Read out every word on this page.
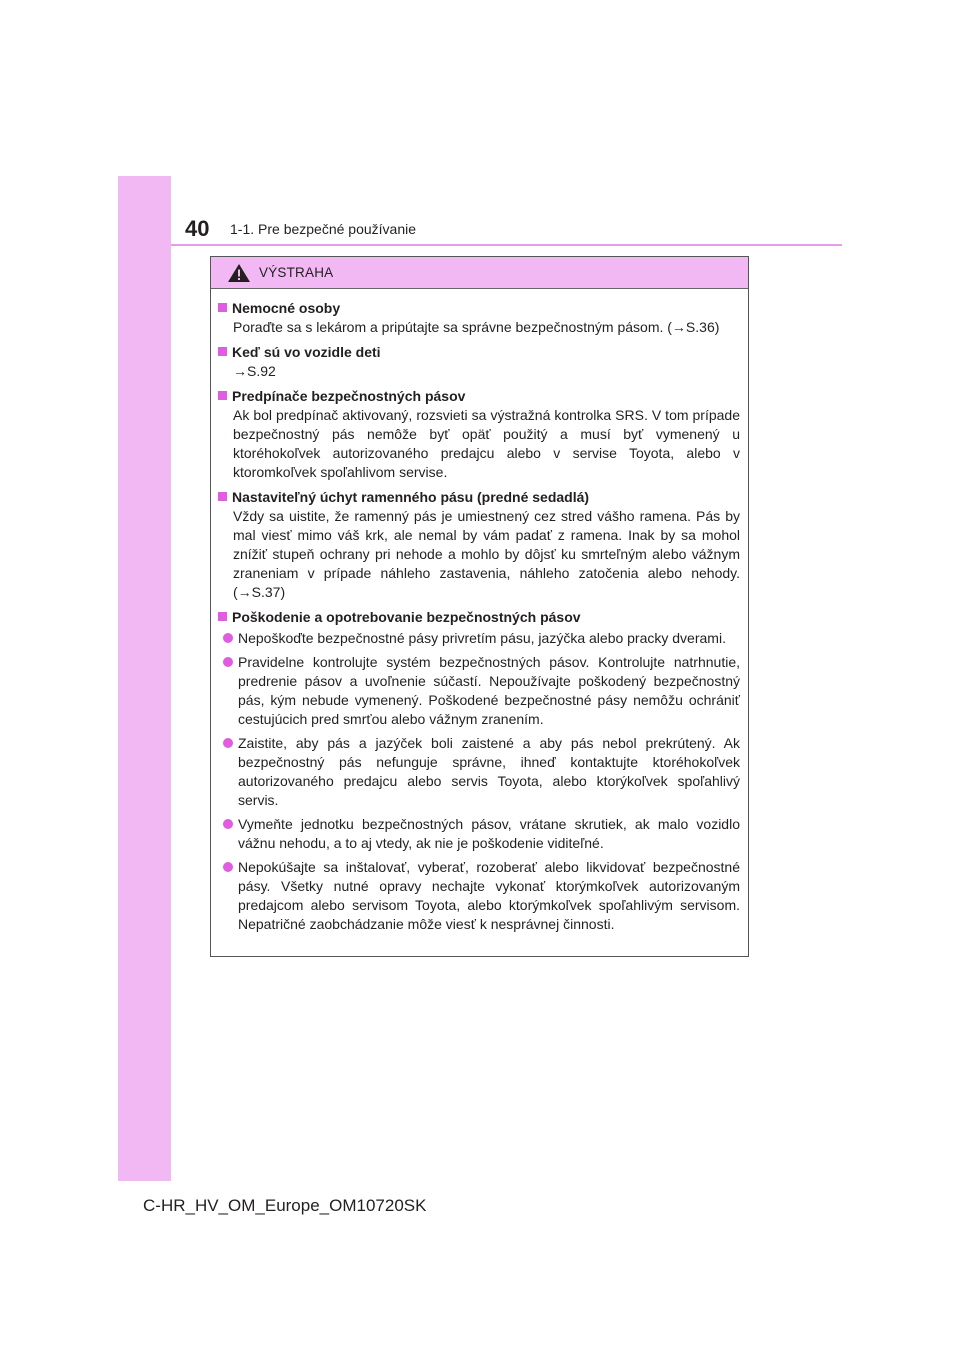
40 1-1. Pre bezpečné používanie
VÝSTRAHA
Nemocné osoby
Poraďte sa s lekárom a pripútajte sa správne bezpečnostným pásom. (→S.36)
Keď sú vo vozidle deti
→S.92
Predpínače bezpečnostných pásov
Ak bol predpínač aktivovaný, rozsvieti sa výstražná kontrolka SRS. V tom prípade bezpečnostný pás nemôže byť opäť použitý a musí byť vymenený u ktoréhokoľvek autorizovaného predajcu alebo v servise Toyota, alebo v ktoromkoľvek spoľahlivom servise.
Nastaviteľný úchyt ramenného pásu (predné sedadlá)
Vždy sa uistite, že ramenný pás je umiestnený cez stred vášho ramena. Pás by mal viesť mimo váš krk, ale nemal by vám padať z ramena. Inak by sa mohol znížiť stupeň ochrany pri nehode a mohlo by dôjsť ku smrteľným alebo vážnym zraneniam v prípade náhleho zastavenia, náhleho zatočenia alebo nehody. (→S.37)
Poškodenie a opotrebovanie bezpečnostných pásov
Nepoškoďte bezpečnostné pásy privretím pásu, jazýčka alebo pracky dverami.
Pravidelne kontrolujte systém bezpečnostných pásov. Kontrolujte natrhnutie, predrenie pásov a uvoľnenie súčastí. Nepoužívajte poškodený bezpečnostný pás, kým nebude vymenený. Poškodené bezpečnostné pásy nemôžu ochrániť cestujúcich pred smrťou alebo vážnym zranením.
Zaistite, aby pás a jazýček boli zaistené a aby pás nebol prekrútený. Ak bezpečnostný pás nefunguje správne, ihneď kontaktujte ktoréhokoľvek autorizovaného predajcu alebo servis Toyota, alebo ktorýkoľvek spoľahlivý servis.
Vymeňte jednotku bezpečnostných pásov, vrátane skrutiek, ak malo vozidlo vážnu nehodu, a to aj vtedy, ak nie je poškodenie viditeľné.
Nepokúšajte sa inštalovať, vyberať, rozoberať alebo likvidovať bezpečnostné pásy. Všetky nutné opravy nechajte vykonať ktorýmkoľvek autorizovaným predajcom alebo servisom Toyota, alebo ktorýmkoľvek spoľahlivým servisom. Nepatričné zaobchádzanie môže viesť k nesprávnej činnosti.
C-HR_HV_OM_Europe_OM10720SK
